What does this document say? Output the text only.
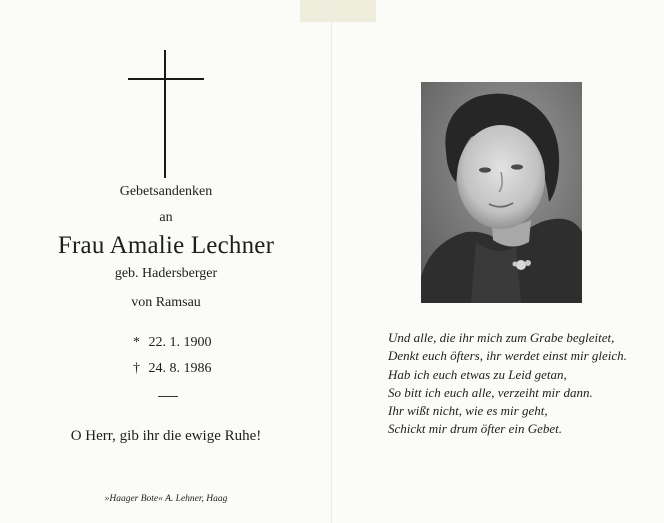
Gebetsandenken
an
Frau Amalie Lechner
geb. Hadersberger
von Ramsau
* 22. 1. 1900
† 24. 8. 1986
O Herr, gib ihr die ewige Ruhe!
»Haager Bote« A. Lehner, Haag
Und alle, die ihr mich zum Grabe begleitet,
Denkt euch öfters, ihr werdet einst mir gleich.
Hab ich euch etwas zu Leid getan,
So bitt ich euch alle, verzeiht mir dann.
Ihr wißt nicht, wie es mir geht,
Schickt mir drum öfter ein Gebet.
